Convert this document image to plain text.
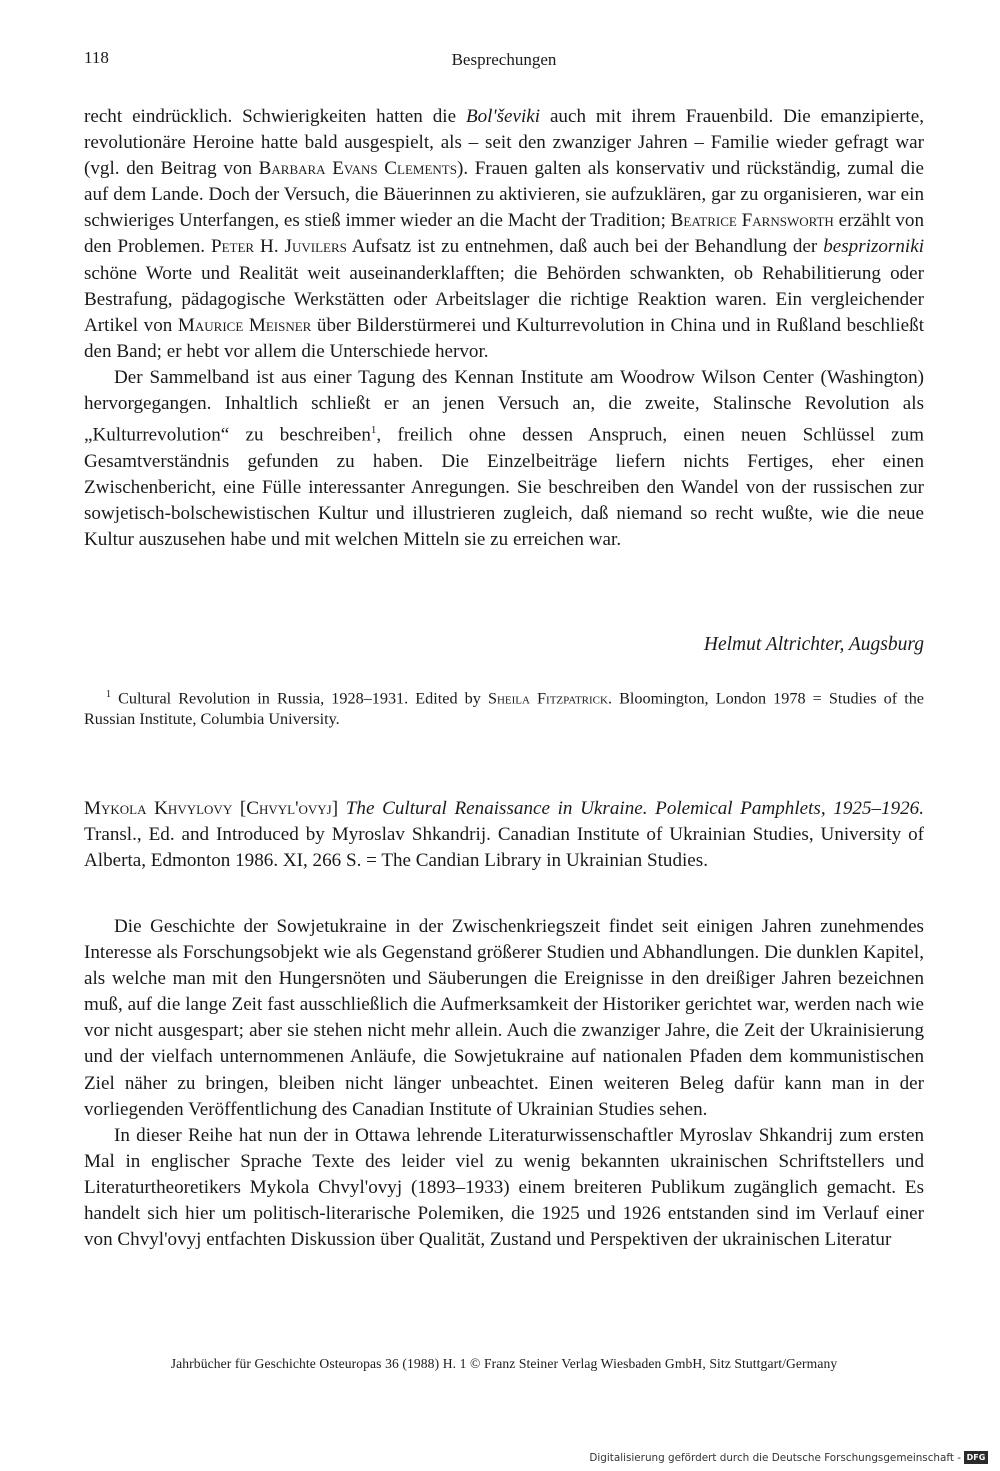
118	Besprechungen

recht eindrücklich. Schwierigkeiten hatten die Bol'ševiki auch mit ihrem Frauenbild. Die emanzipierte, revolutionäre Heroine hatte bald ausgespielt, als – seit den zwanziger Jahren – Familie wieder gefragt war (vgl. den Beitrag von Barbara Evans Clements). Frauen galten als konservativ und rückständig, zumal die auf dem Lande. Doch der Versuch, die Bäuerinnen zu aktivieren, sie aufzuklären, gar zu organisieren, war ein schwieriges Unterfangen, es stieß immer wieder an die Macht der Tradition; Beatrice Farnsworth erzählt von den Problemen. Peter H. Juvilers Aufsatz ist zu entnehmen, daß auch bei der Behandlung der besprizorniki schöne Worte und Realität weit auseinanderklafften; die Behörden schwankten, ob Rehabilitierung oder Bestrafung, pädagogische Werkstätten oder Arbeitslager die richtige Reaktion waren. Ein vergleichender Artikel von Maurice Meisner über Bilderstürmerei und Kulturrevolution in China und in Rußland beschließt den Band; er hebt vor allem die Unterschiede hervor.

Der Sammelband ist aus einer Tagung des Kennan Institute am Woodrow Wilson Center (Washington) hervorgegangen. Inhaltlich schließt er an jenen Versuch an, die zweite, Stalinsche Revolution als „Kulturrevolution“ zu beschreiben$^1$, freilich ohne dessen Anspruch, einen neuen Schlüssel zum Gesamtverständnis gefunden zu haben. Die Einzelbeiträge liefern nichts Fertiges, eher einen Zwischenbericht, eine Fülle interessanter Anregungen. Sie beschreiben den Wandel von der russischen zur sowjetisch-bolschewistischen Kultur und illustrieren zugleich, daß niemand so recht wußte, wie die neue Kultur auszusehen habe und mit welchen Mitteln sie zu erreichen war.

Helmut Altrichter, Augsburg
$^1$ Cultural Revolution in Russia, 1928–1931. Edited by Sheila Fitzpatrick. Bloomington, London 1978 = Studies of the Russian Institute, Columbia University.
Mykola Khvylovy [Chvyl'ovyj] The Cultural Renaissance in Ukraine. Polemical Pamphlets, 1925–1926. Transl., Ed. and Introduced by Myroslav Shkandrij. Canadian Institute of Ukrainian Studies, University of Alberta, Edmonton 1986. XI, 266 S. = The Candian Library in Ukrainian Studies.

Die Geschichte der Sowjetukraine in der Zwischenkriegszeit findet seit einigen Jahren zunehmendes Interesse als Forschungsobjekt wie als Gegenstand größerer Studien und Abhandlungen. Die dunklen Kapitel, als welche man mit den Hungersnöten und Säuberungen die Ereignisse in den dreißiger Jahren bezeichnen muß, auf die lange Zeit fast ausschließlich die Aufmerksamkeit der Historiker gerichtet war, werden nach wie vor nicht ausgespart; aber sie stehen nicht mehr allein. Auch die zwanziger Jahre, die Zeit der Ukrainisierung und der vielfach unternommenen Anläufe, die Sowjetukraine auf nationalen Pfaden dem kommunistischen Ziel näher zu bringen, bleiben nicht länger unbeachtet. Einen weiteren Beleg dafür kann man in der vorliegenden Veröffentlichung des Canadian Institute of Ukrainian Studies sehen.

In dieser Reihe hat nun der in Ottawa lehrende Literaturwissenschaftler Myroslav Shkandrij zum ersten Mal in englischer Sprache Texte des leider viel zu wenig bekannten ukrainischen Schriftstellers und Literaturtheoretikers Mykola Chvyl'ovyj (1893–1933) einem breiteren Publikum zugänglich gemacht. Es handelt sich hier um politisch-literarische Polemiken, die 1925 und 1926 entstanden sind im Verlauf einer von Chvyl'ovyj entfachten Diskussion über Qualität, Zustand und Perspektiven der ukrainischen Literatur

Jahrbücher für Geschichte Osteuropas 36 (1988) H. 1 © Franz Steiner Verlag Wiesbaden GmbH, Sitz Stuttgart/Germany
Digitalisierung gefördert durch die Deutsche Forschungsgemeinschaft - DFG
